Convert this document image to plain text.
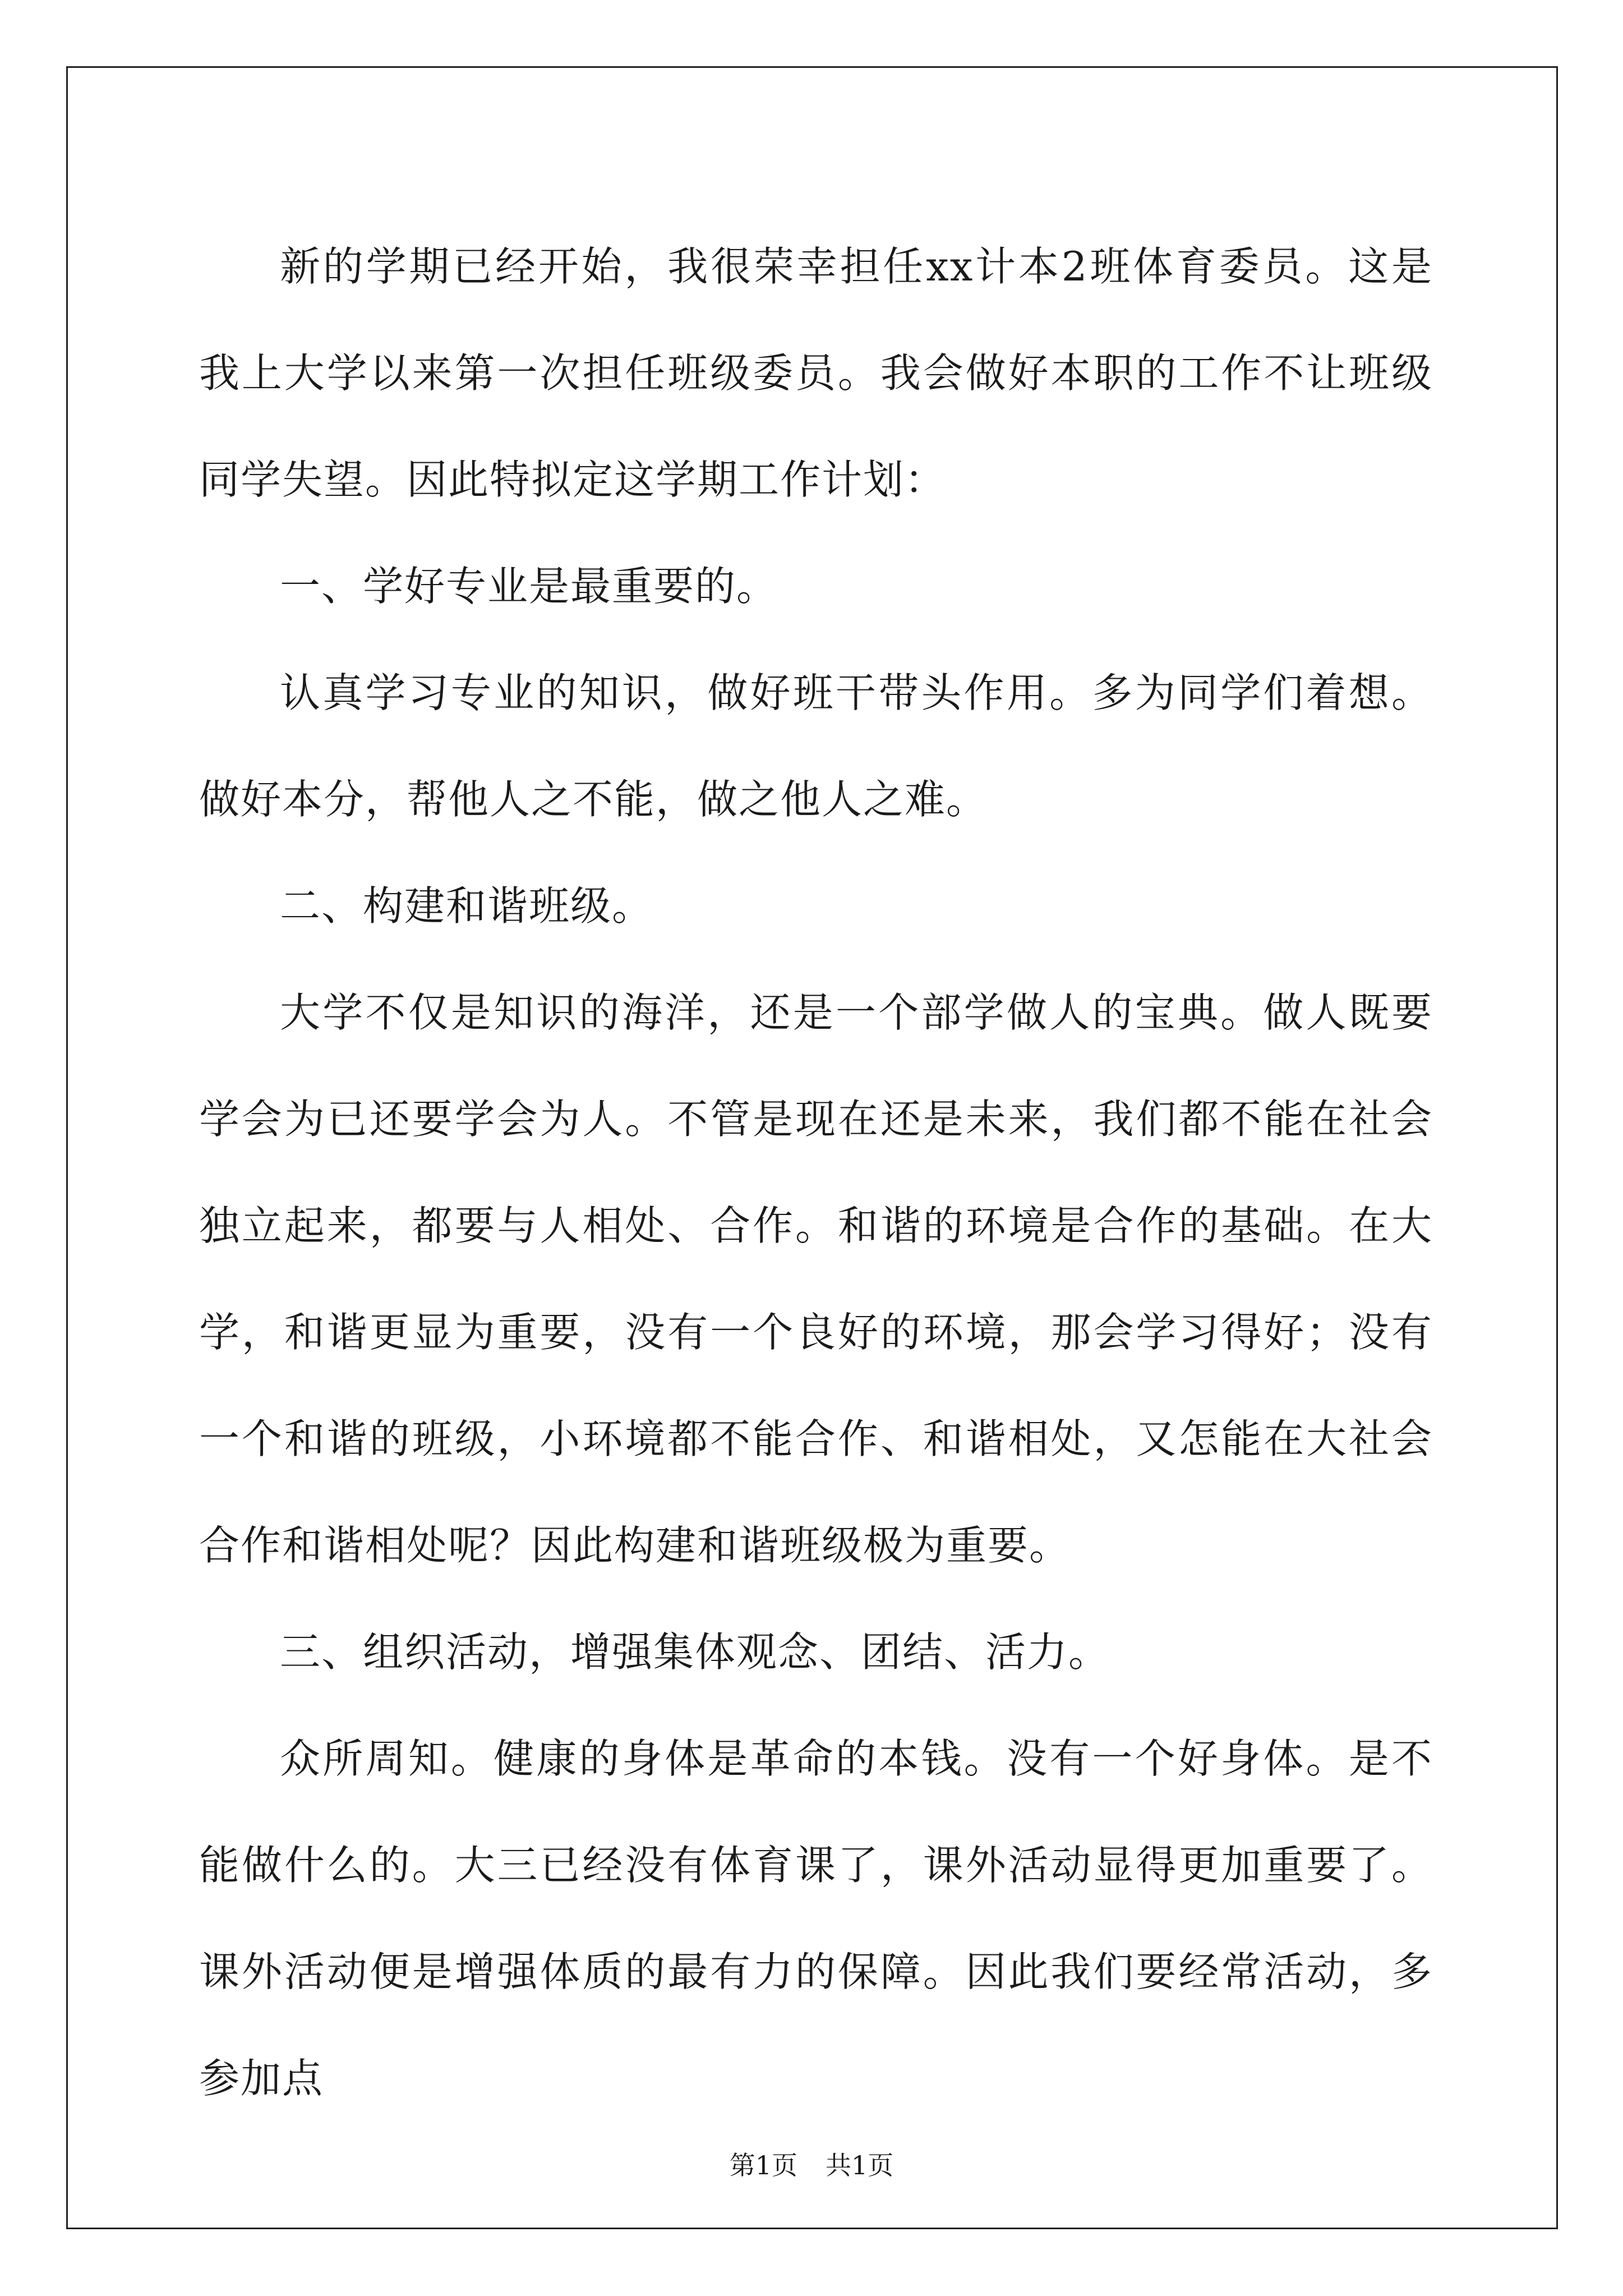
新的学期已经开始，我很荣幸担任xx计本2班体育委员。这是我上大学以来第一次担任班级委员。我会做好本职的工作不让班级同学失望。因此特拟定这学期工作计划：

一、学好专业是最重要的。

认真学习专业的知识，做好班干带头作用。多为同学们着想。做好本分，帮他人之不能，做之他人之难。

二、构建和谐班级。

大学不仅是知识的海洋，还是一个部学做人的宝典。做人既要学会为已还要学会为人。不管是现在还是未来，我们都不能在社会独立起来，都要与人相处、合作。和谐的环境是合作的基础。在大学，和谐更显为重要，没有一个良好的环境，那会学习得好；没有一个和谐的班级，小环境都不能合作、和谐相处，又怎能在大社会合作和谐相处呢？因此构建和谐班级极为重要。

三、组织活动，增强集体观念、团结、活力。

众所周知。健康的身体是革命的本钱。没有一个好身体。是不能做什么的。大三已经没有体育课了，课外活动显得更加重要了。课外活动便是增强体质的最有力的保障。因此我们要经常活动，多参加点

第1页 共1页
